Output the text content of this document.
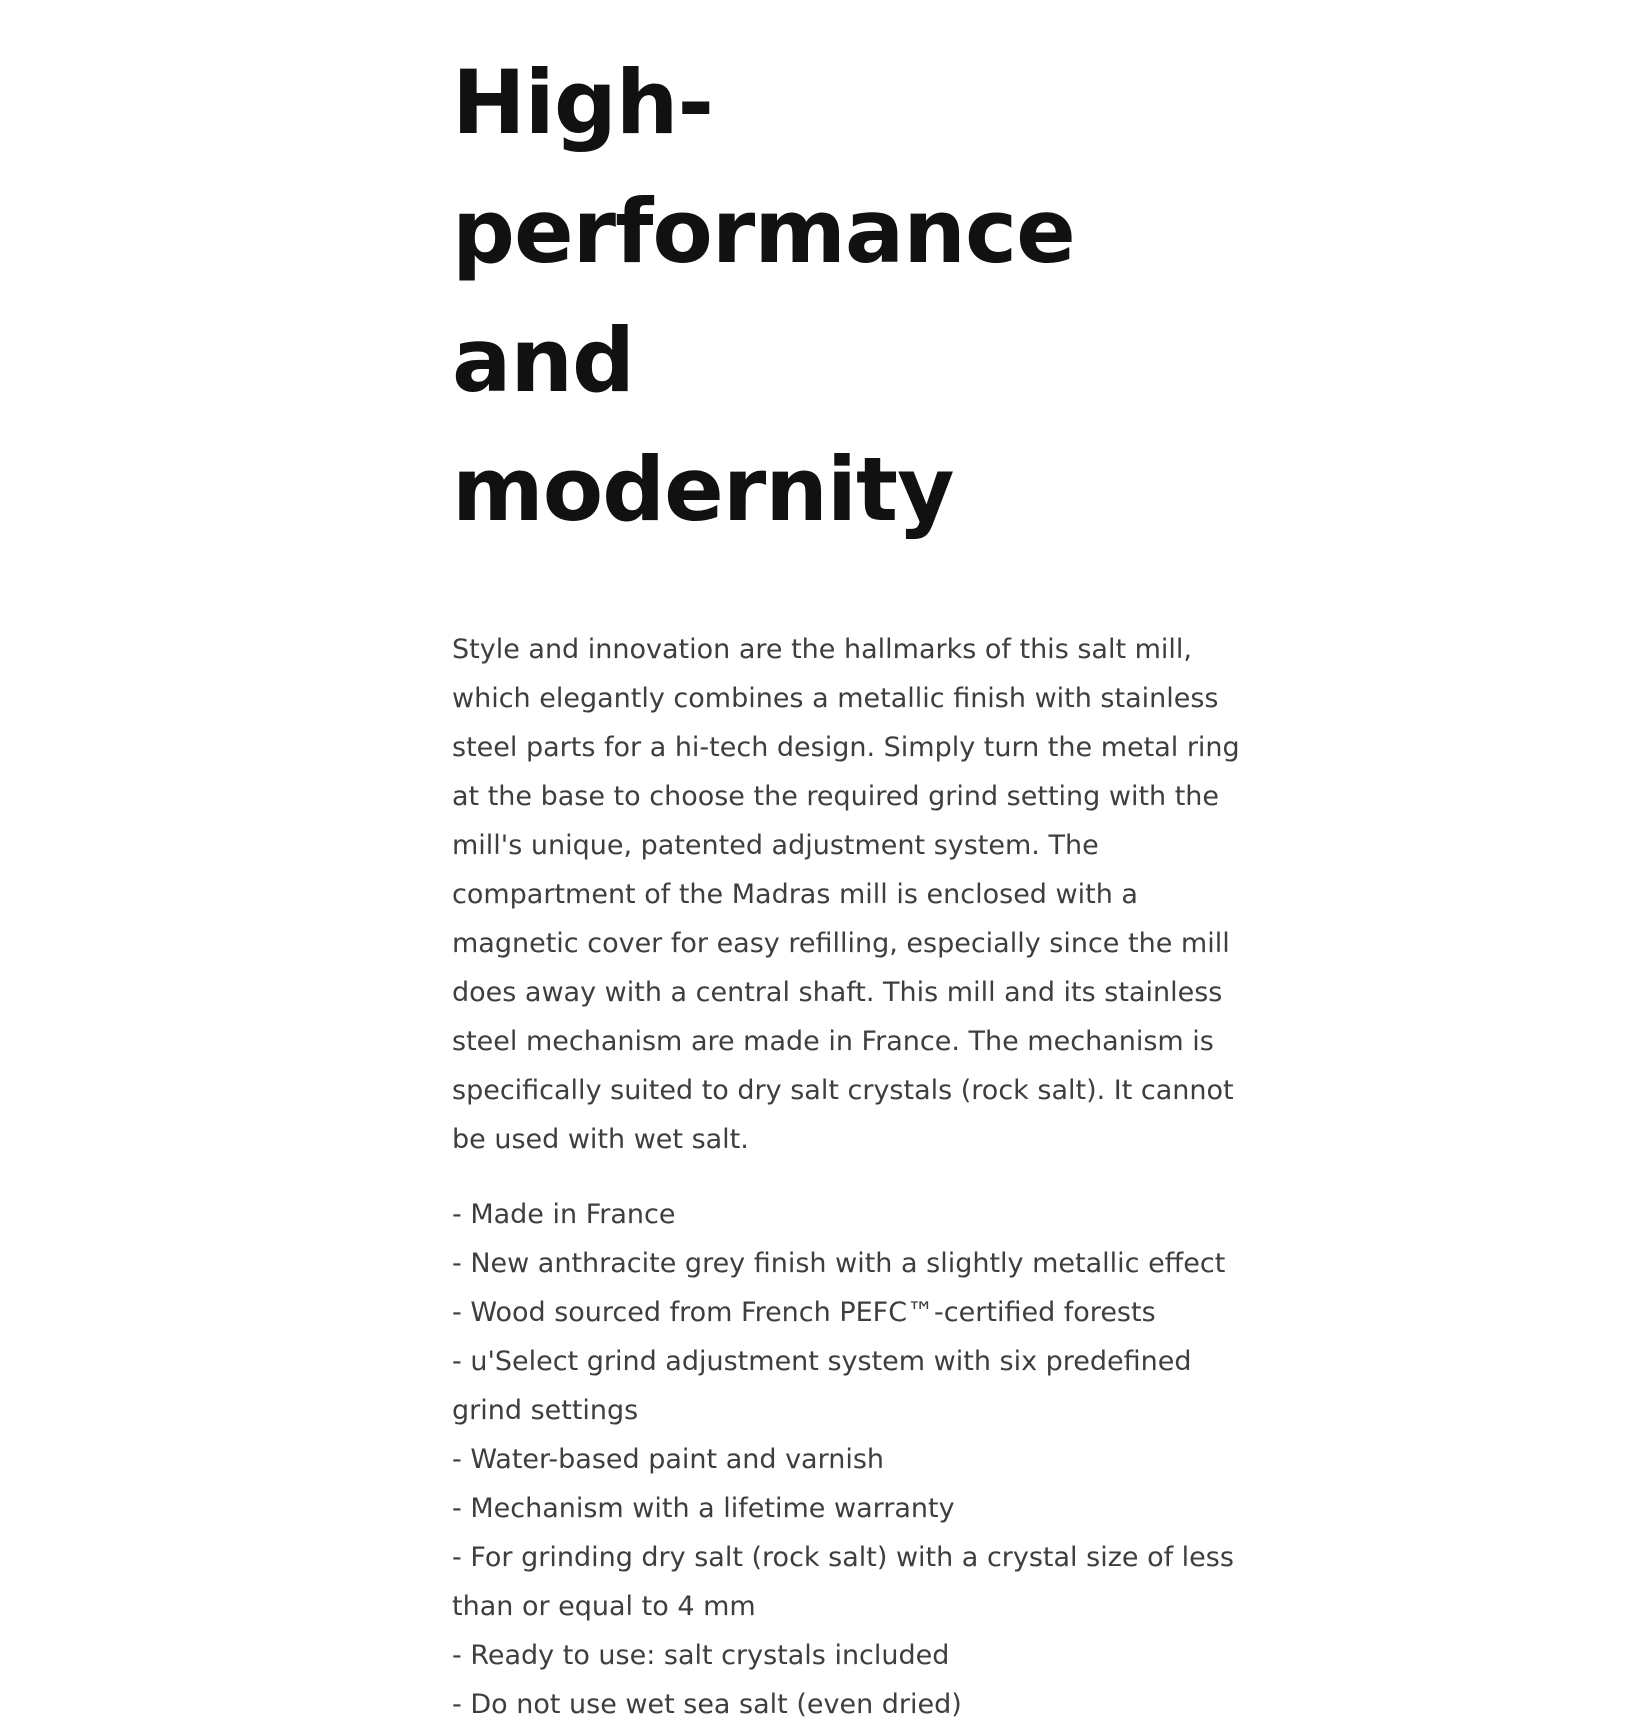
High-
performance and
modernity

Style and innovation are the hallmarks of this salt mill, which elegantly combines a metallic finish with stainless steel parts for a hi-tech design. Simply turn the metal ring at the base to choose the required grind setting with the mill's unique, patented adjustment system. The compartment of the Madras mill is enclosed with a magnetic cover for easy refilling, especially since the mill does away with a central shaft. This mill and its stainless steel mechanism are made in France. The mechanism is specifically suited to dry salt crystals (rock salt). It cannot be used with wet salt.

- Made in France
- New anthracite grey finish with a slightly metallic effect
- Wood sourced from French PEFC™-certified forests
- u'Select grind adjustment system with six predefined grind settings
- Water-based paint and varnish
- Mechanism with a lifetime warranty
- For grinding dry salt (rock salt) with a crystal size of less than or equal to 4 mm
- Ready to use: salt crystals included
- Do not use wet sea salt (even dried)
